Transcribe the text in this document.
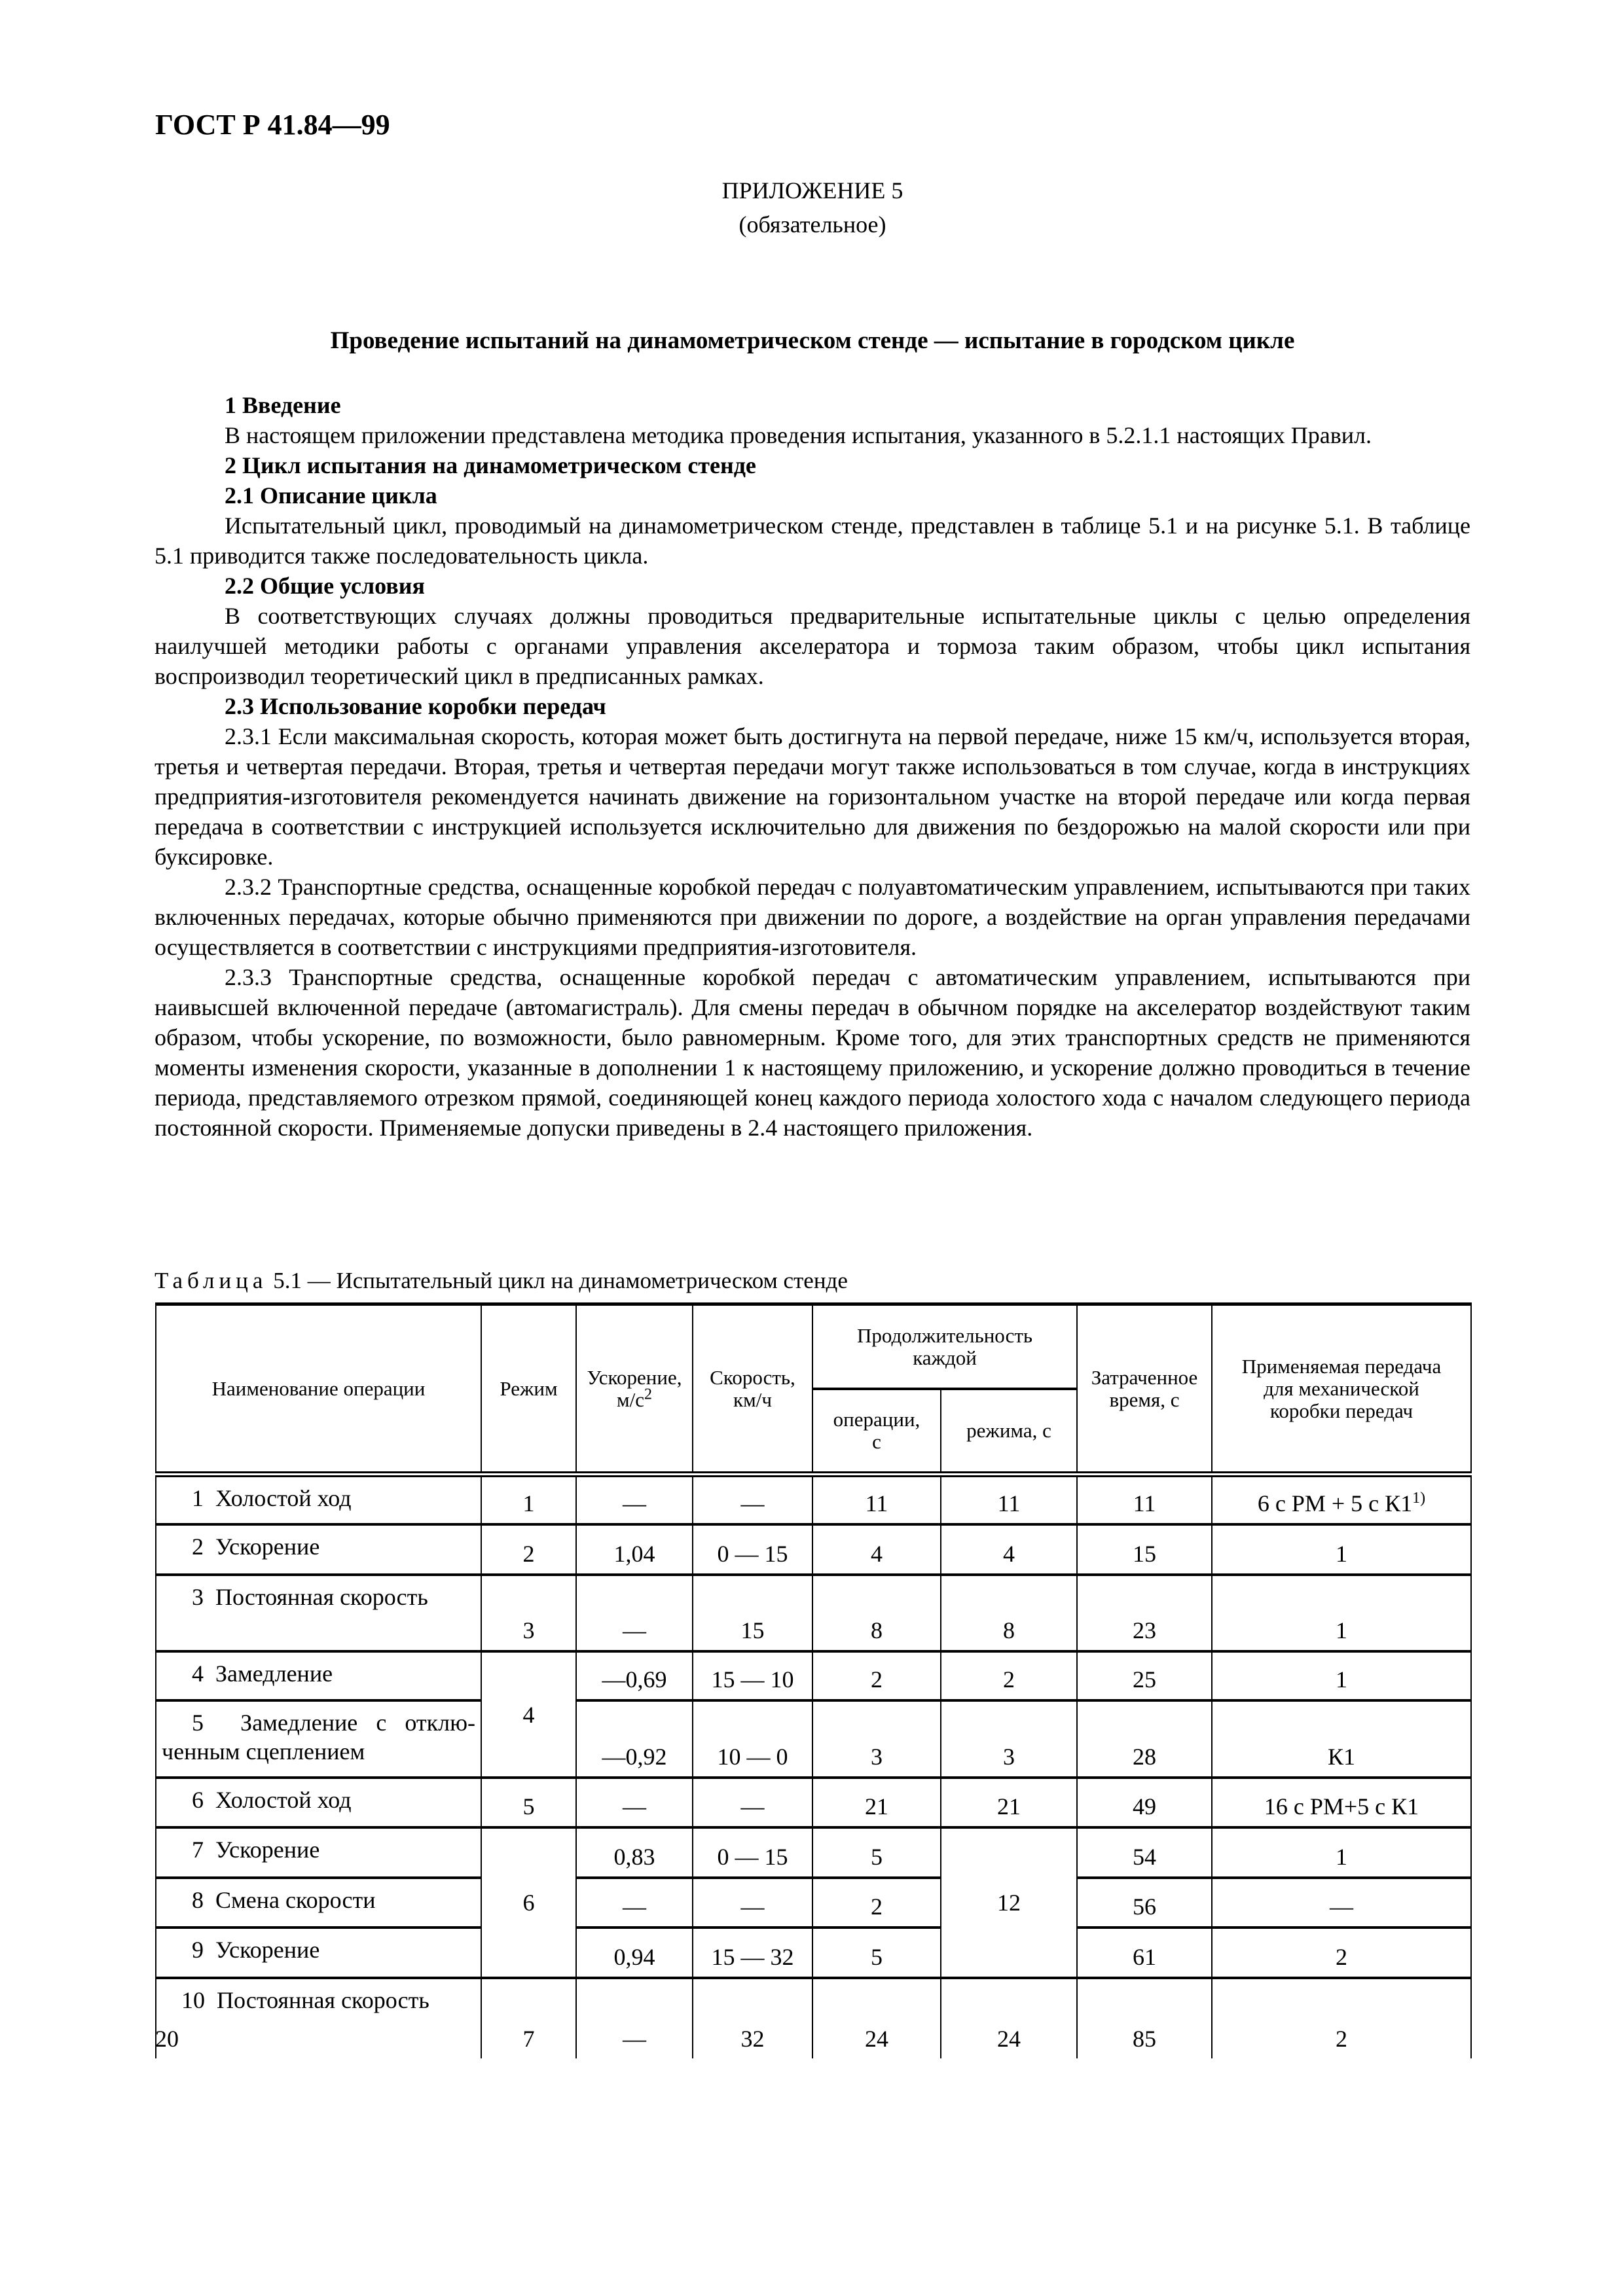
ГОСТ Р 41.84—99
ПРИЛОЖЕНИЕ 5
(обязательное)
Проведение испытаний на динамометрическом стенде — испытание в городском цикле

1 Введение

В настоящем приложении представлена методика проведения испытания, указанного в 5.2.1.1 настоящих Правил.

2 Цикл испытания на динамометрическом стенде

2.1 Описание цикла

Испытательный цикл, проводимый на динамометрическом стенде, представлен в таблице 5.1 и на рисунке 5.1. В таблице 5.1 приводится также последовательность цикла.

2.2 Общие условия

В соответствующих случаях должны проводиться предварительные испытательные циклы с целью определения наилучшей методики работы с органами управления акселератора и тормоза таким образом, чтобы цикл испытания воспроизводил теоретический цикл в предписанных рамках.

2.3 Использование коробки передач

2.3.1 Если максимальная скорость, которая может быть достигнута на первой передаче, ниже 15 км/ч, используется вторая, третья и четвертая передачи. Вторая, третья и четвертая передачи могут также использоваться в том случае, когда в инструкциях предприятия-изготовителя рекомендуется начинать движение на горизонтальном участке на второй передаче или когда первая передача в соответствии с инструкцией используется исключительно для движения по бездорожью на малой скорости или при буксировке.

2.3.2 Транспортные средства, оснащенные коробкой передач с полуавтоматическим управлением, испытываются при таких включенных передачах, которые обычно применяются при движении по дороге, а воздействие на орган управления передачами осуществляется в соответствии с инструкциями предприятия-изготовителя.

2.3.3 Транспортные средства, оснащенные коробкой передач с автоматическим управлением, испытываются при наивысшей включенной передаче (автомагистраль). Для смены передач в обычном порядке на акселератор воздействуют таким образом, чтобы ускорение, по возможности, было равномерным. Кроме того, для этих транспортных средств не применяются моменты изменения скорости, указанные в дополнении 1 к настоящему приложению, и ускорение должно проводиться в течение периода, представляемого отрезком прямой, соединяющей конец каждого периода холостого хода с началом следующего периода постоянной скорости. Применяемые допуски приведены в 2.4 настоящего приложения.

Таблица 5.1 — Испытательный цикл на динамометрическом стенде
Наименование операции	Режим	Ускорение, $м/с^2$	Скорость, км/ч	Продолжительность каждой		Затраченное время, с	Применяемая передача для механической коробки передач
				операции, с	режима, с		
1 Холостой ход	1	—	—	11	11	11	6 с РМ + 5 с К1$^{1)}$
2 Ускорение	2	1,04	0 — 15	4	4	15	1
3 Постоянная скорость	3	—	15	8	8	23	1
4 Замедление	4	—0,69	15 — 10	2	2	25	1
5 Замедление с отключенным сцеплением		—0,92	10 — 0	3	3	28	К1
6 Холостой ход	5	—	—	21	21	49	16 с РМ+5 с К1
7 Ускорение	6	0,83	0 — 15	5	12	54	1
8 Смена скорости		—	—	2		56	—
9 Ускорение		0,94	15 — 32	5		61	2
10 Постоянная скорость	7	—	32	24	24	85	2
20
